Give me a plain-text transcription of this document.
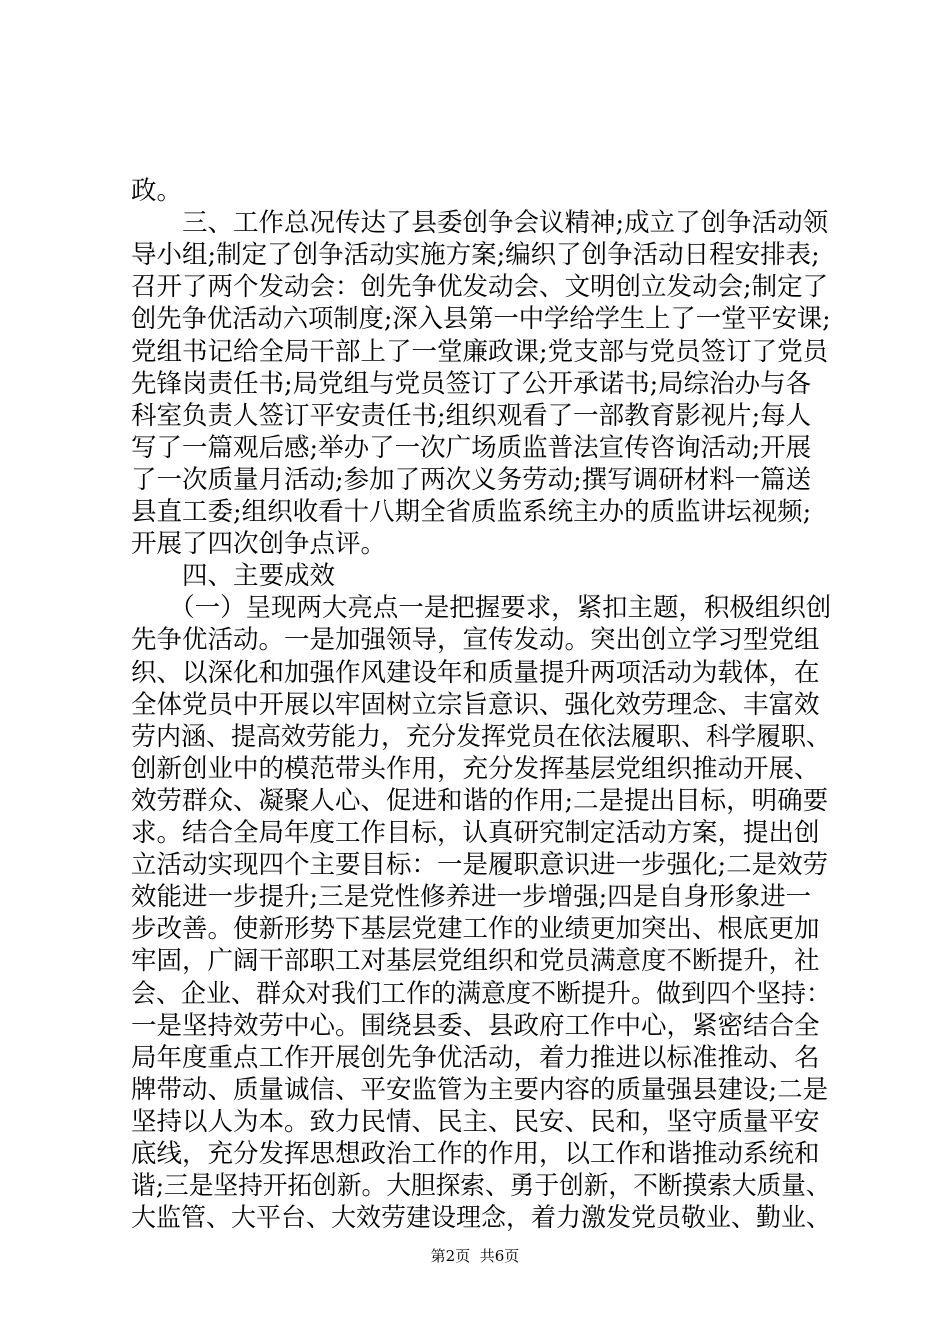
政。
　　三、工作总况传达了县委创争会议精神;成立了创争活动领
导小组;制定了创争活动实施方案;编织了创争活动日程安排表;
召开了两个发动会：创先争优发动会、文明创立发动会;制定了
创先争优活动六项制度;深入县第一中学给学生上了一堂平安课;
党组书记给全局干部上了一堂廉政课;党支部与党员签订了党员
先锋岗责任书;局党组与党员签订了公开承诺书;局综治办与各
科室负责人签订平安责任书;组织观看了一部教育影视片;每人
写了一篇观后感;举办了一次广场质监普法宣传咨询活动;开展
了一次质量月活动;参加了两次义务劳动;撰写调研材料一篇送
县直工委;组织收看十八期全省质监系统主办的质监讲坛视频;
开展了四次创争点评。
　　四、主要成效
　　（一）呈现两大亮点一是把握要求，紧扣主题，积极组织创
先争优活动。一是加强领导，宣传发动。突出创立学习型党组
织、以深化和加强作风建设年和质量提升两项活动为载体，在
全体党员中开展以牢固树立宗旨意识、强化效劳理念、丰富效
劳内涵、提高效劳能力，充分发挥党员在依法履职、科学履职、
创新创业中的模范带头作用，充分发挥基层党组织推动开展、
效劳群众、凝聚人心、促进和谐的作用;二是提出目标，明确要
求。结合全局年度工作目标，认真研究制定活动方案，提出创
立活动实现四个主要目标：一是履职意识进一步强化;二是效劳
效能进一步提升;三是党性修养进一步增强;四是自身形象进一
步改善。使新形势下基层党建工作的业绩更加突出、根底更加
牢固，广阔干部职工对基层党组织和党员满意度不断提升，社
会、企业、群众对我们工作的满意度不断提升。做到四个坚持：
一是坚持效劳中心。围绕县委、县政府工作中心，紧密结合全
局年度重点工作开展创先争优活动，着力推进以标准推动、名
牌带动、质量诚信、平安监管为主要内容的质量强县建设;二是
坚持以人为本。致力民情、民主、民安、民和，坚守质量平安
底线，充分发挥思想政治工作的作用，以工作和谐推动系统和
谐;三是坚持开拓创新。大胆探索、勇于创新，不断摸索大质量、
大监管、大平台、大效劳建设理念，着力激发党员敬业、勤业、
第2页 共6页
